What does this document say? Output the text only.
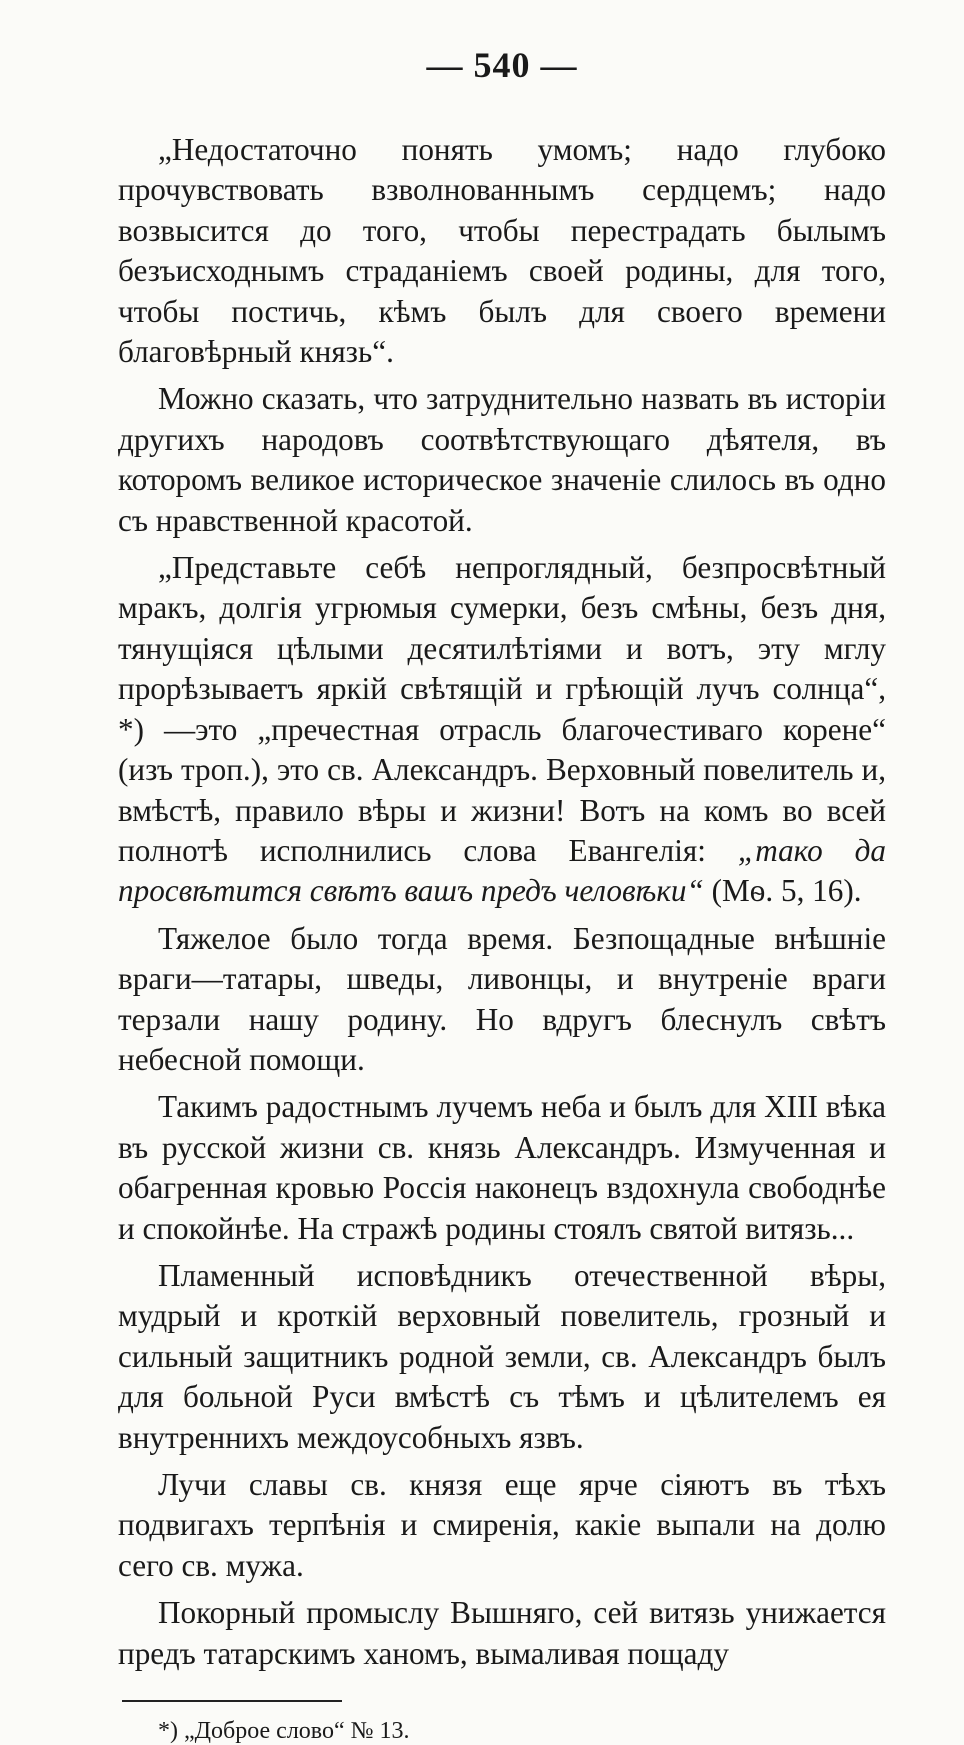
— 540 —

„Недостаточно понять умомъ; надо глубоко прочувствовать взволнованнымъ сердцемъ; надо возвысится до того, чтобы перестрадать былымъ безъисходнымъ страданіемъ своей родины, для того, чтобы постичь, кѣмъ былъ для своего времени благовѣрный князь“.

Можно сказать, что затруднительно назвать въ исторіи другихъ народовъ соотвѣтствующаго дѣятеля, въ которомъ великое историческое значеніе слилось въ одно съ нравственной красотой.

„Представьте себѣ непроглядный, безпросвѣтный мракъ, долгія угрюмыя сумерки, безъ смѣны, безъ дня, тянущіяся цѣлыми десятилѣтіями и вотъ, эту мглу прорѣзываетъ яркій свѣтящій и грѣющій лучъ солнца“, *) —это „пречестная отрасль благочестиваго корене“ (изъ троп.), это св. Александръ. Верховный повелитель и, вмѣстѣ, правило вѣры и жизни! Вотъ на комъ во всей полнотѣ исполнились слова Евангелія: „тако да просвѣтится свѣтъ вашъ предъ человѣки“ (Мѳ. 5, 16).

Тяжелое было тогда время. Безпощадные внѣшніе враги—татары, шведы, ливонцы, и внутреніе враги терзали нашу родину. Но вдругъ блеснулъ свѣтъ небесной помощи.

Такимъ радостнымъ лучемъ неба и былъ для XIII вѣка въ русской жизни св. князь Александръ. Измученная и обагренная кровью Россія наконецъ вздохнула свободнѣе и спокойнѣе. На стражѣ родины стоялъ святой витязь...

Пламенный исповѣдникъ отечественной вѣры, мудрый и кроткій верховный повелитель, грозный и сильный защитникъ родной земли, св. Александръ былъ для больной Руси вмѣстѣ съ тѣмъ и цѣлителемъ ея внутреннихъ междоусобныхъ язвъ.

Лучи славы св. князя еще ярче сіяютъ въ тѣхъ подвигахъ терпѣнія и смиренія, какіе выпали на долю сего св. мужа.

Покорный промыслу Вышняго, сей витязь унижается предъ татарскимъ ханомъ, вымаливая пощаду

*) „Доброе слово“ № 13.
